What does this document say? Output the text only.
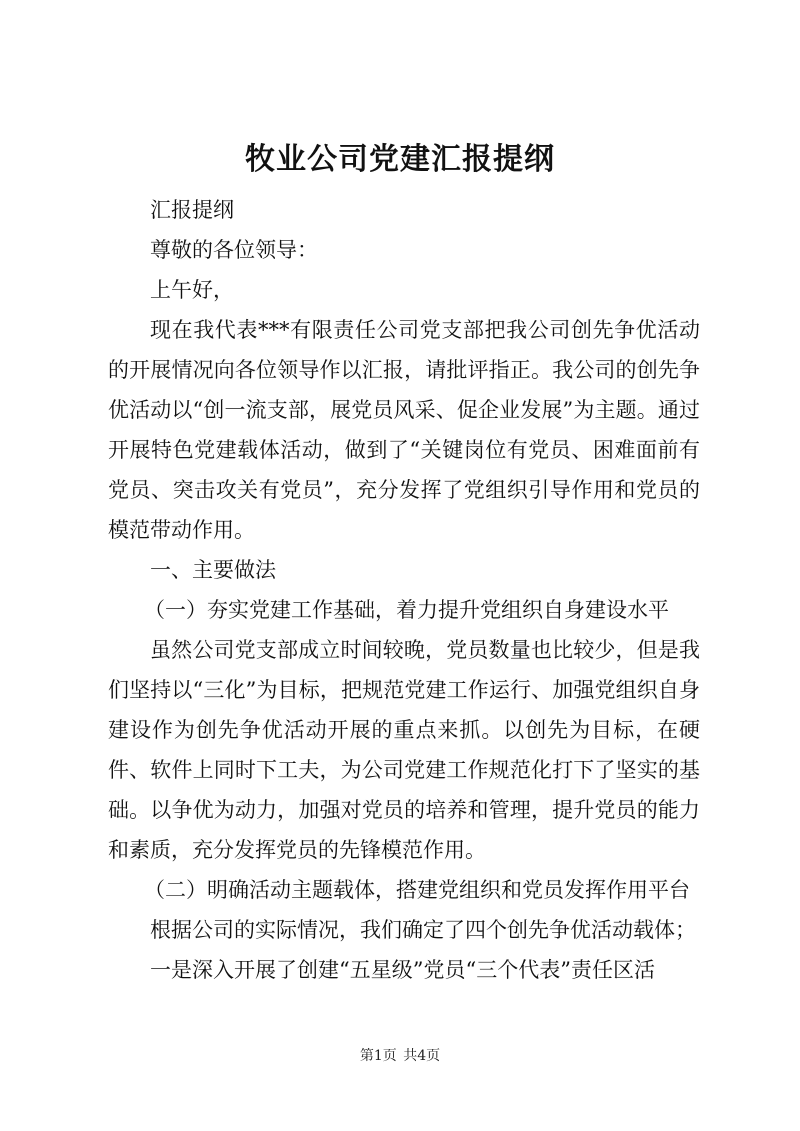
牧业公司党建汇报提纲

汇报提纲

尊敬的各位领导：

上午好，

现在我代表***有限责任公司党支部把我公司创先争优活动的开展情况向各位领导作以汇报，请批评指正。我公司的创先争优活动以“创一流支部，展党员风采、促企业发展”为主题。通过开展特色党建载体活动，做到了“关键岗位有党员、困难面前有党员、突击攻关有党员”，充分发挥了党组织引导作用和党员的模范带动作用。

一、主要做法

（一）夯实党建工作基础，着力提升党组织自身建设水平

虽然公司党支部成立时间较晚，党员数量也比较少，但是我们坚持以“三化”为目标，把规范党建工作运行、加强党组织自身建设作为创先争优活动开展的重点来抓。以创先为目标，在硬件、软件上同时下工夫，为公司党建工作规范化打下了坚实的基础。以争优为动力，加强对党员的培养和管理，提升党员的能力和素质，充分发挥党员的先锋模范作用。

（二）明确活动主题载体，搭建党组织和党员发挥作用平台

根据公司的实际情况，我们确定了四个创先争优活动载体；

一是深入开展了创建“五星级”党员“三个代表”责任区活

第1页 共4页
